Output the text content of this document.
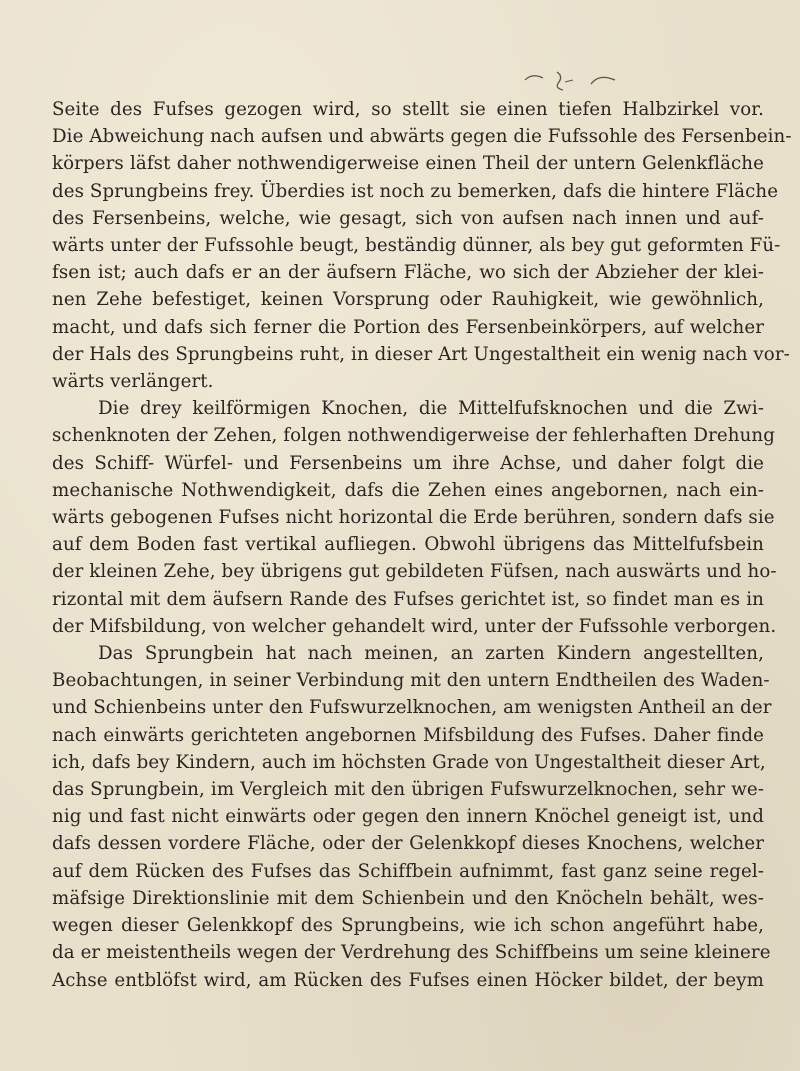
Seite des Fufses gezogen wird, so stellt sie einen tiefen Halbzirkel vor.
Die Abweichung nach aufsen und abwärts gegen die Fufssohle des Fersenbein-
körpers läfst daher nothwendigerweise einen Theil der untern Gelenkfläche
des Sprungbeins frey. Überdies ist noch zu bemerken, dafs die hintere Fläche
des Fersenbeins, welche, wie gesagt, sich von aufsen nach innen und auf-
wärts unter der Fufssohle beugt, beständig dünner, als bey gut geformten Fü-
fsen ist; auch dafs er an der äufsern Fläche, wo sich der Abzieher der klei-
nen Zehe befestiget, keinen Vorsprung oder Rauhigkeit, wie gewöhnlich,
macht, und dafs sich ferner die Portion des Fersenbeinkörpers, auf welcher
der Hals des Sprungbeins ruht, in dieser Art Ungestaltheit ein wenig nach vor-
wärts verlängert.
Die drey keilförmigen Knochen, die Mittelfufsknochen und die Zwi-
schenknoten der Zehen, folgen nothwendigerweise der fehlerhaften Drehung
des Schiff- Würfel- und Fersenbeins um ihre Achse, und daher folgt die
mechanische Nothwendigkeit, dafs die Zehen eines angebornen, nach ein-
wärts gebogenen Fufses nicht horizontal die Erde berühren, sondern dafs sie
auf dem Boden fast vertikal aufliegen. Obwohl übrigens das Mittelfufsbein
der kleinen Zehe, bey übrigens gut gebildeten Füfsen, nach auswärts und ho-
rizontal mit dem äufsern Rande des Fufses gerichtet ist, so findet man es in
der Mifsbildung, von welcher gehandelt wird, unter der Fufssohle verborgen.
Das Sprungbein hat nach meinen, an zarten Kindern angestellten,
Beobachtungen, in seiner Verbindung mit den untern Endtheilen des Waden-
und Schienbeins unter den Fufswurzelknochen, am wenigsten Antheil an der
nach einwärts gerichteten angebornen Mifsbildung des Fufses. Daher finde
ich, dafs bey Kindern, auch im höchsten Grade von Ungestaltheit dieser Art,
das Sprungbein, im Vergleich mit den übrigen Fufswurzelknochen, sehr we-
nig und fast nicht einwärts oder gegen den innern Knöchel geneigt ist, und
dafs dessen vordere Fläche, oder der Gelenkkopf dieses Knochens, welcher
auf dem Rücken des Fufses das Schiffbein aufnimmt, fast ganz seine regel-
mäfsige Direktionslinie mit dem Schienbein und den Knöcheln behält, wes-
wegen dieser Gelenkkopf des Sprungbeins, wie ich schon angeführt habe,
da er meistentheils wegen der Verdrehung des Schiffbeins um seine kleinere
Achse entblöfst wird, am Rücken des Fufses einen Höcker bildet, der beym
